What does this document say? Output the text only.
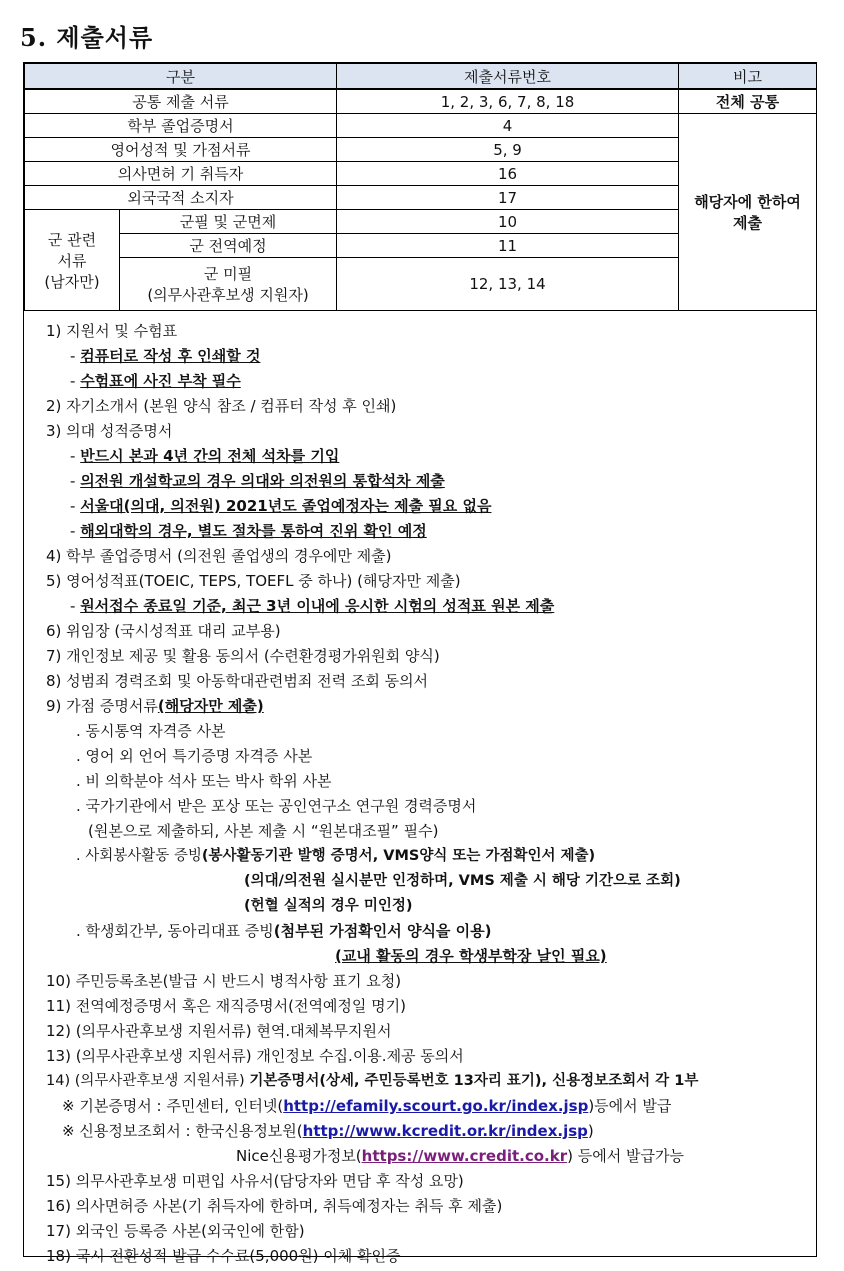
5. 제출서류
구분		제출서류번호	비고
공통 제출 서류		1, 2, 3, 6, 7, 8, 18	전체 공통
학부 졸업증명서		4	해당자에 한하여
제출

영어성적 및 가점서류		5, 9	
의사면허 기 취득자		16	
외국국적 소지자		17	

군 관련
서류
(남자만)	군필 및 군면제	10	
	군 전역예정	11	

	군 미필
(의무사관후보생 지원자)	12, 13, 14	
1) 지원서 및 수험표
- 컴퓨터로 작성 후 인쇄할 것
- 수험표에 사진 부착 필수
2) 자기소개서 (본원 양식 참조 / 컴퓨터 작성 후 인쇄)
3) 의대 성적증명서
- 반드시 본과 4년 간의 전체 석차를 기입
- 의전원 개설학교의 경우 의대와 의전원의 통합석차 제출
- 서울대(의대, 의전원) 2021년도 졸업예정자는 제출 필요 없음
- 해외대학의 경우, 별도 절차를 통하여 진위 확인 예정
4) 학부 졸업증명서 (의전원 졸업생의 경우에만 제출)
5) 영어성적표(TOEIC, TEPS, TOEFL 중 하나) (해당자만 제출)
- 원서접수 종료일 기준, 최근 3년 이내에 응시한 시험의 성적표 원본 제출
6) 위임장 (국시성적표 대리 교부용)
7) 개인정보 제공 및 활용 동의서 (수련환경평가위원회 양식)
8) 성범죄 경력조회 및 아동학대관련범죄 전력 조회 동의서
9) 가점 증명서류(해당자만 제출)
. 동시통역 자격증 사본
. 영어 외 언어 특기증명 자격증 사본
. 비 의학분야 석사 또는 박사 학위 사본
. 국가기관에서 받은 포상 또는 공인연구소 연구원 경력증명서
(원본으로 제출하되, 사본 제출 시 “원본대조필” 필수)
. 사회봉사활동 증빙(봉사활동기관 발행 증명서, VMS양식 또는 가점확인서 제출)
(의대/의전원 실시분만 인정하며, VMS 제출 시 해당 기간으로 조회)
(헌혈 실적의 경우 미인정)
. 학생회간부, 동아리대표 증빙(첨부된 가점확인서 양식을 이용)
(교내 활동의 경우 학생부학장 날인 필요)
10) 주민등록초본(발급 시 반드시 병적사항 표기 요청)
11) 전역예정증명서 혹은 재직증명서(전역예정일 명기)
12) (의무사관후보생 지원서류) 현역.대체복무지원서
13) (의무사관후보생 지원서류) 개인정보 수집.이용.제공 동의서
14) (의무사관후보생 지원서류) 기본증명서(상세, 주민등록번호 13자리 표기), 신용정보조회서 각 1부
※ 기본증명서 : 주민센터, 인터넷(http://efamily.scourt.go.kr/index.jsp)등에서 발급
※ 신용정보조회서 : 한국신용정보원(http://www.kcredit.or.kr/index.jsp)
Nice신용평가정보(https://www.credit.co.kr) 등에서 발급가능
15) 의무사관후보생 미편입 사유서(담당자와 면담 후 작성 요망)
16) 의사면허증 사본(기 취득자에 한하며, 취득예정자는 취득 후 제출)
17) 외국인 등록증 사본(외국인에 한함)
18) 국시 전환성적 발급 수수료(5,000원) 이체 확인증
